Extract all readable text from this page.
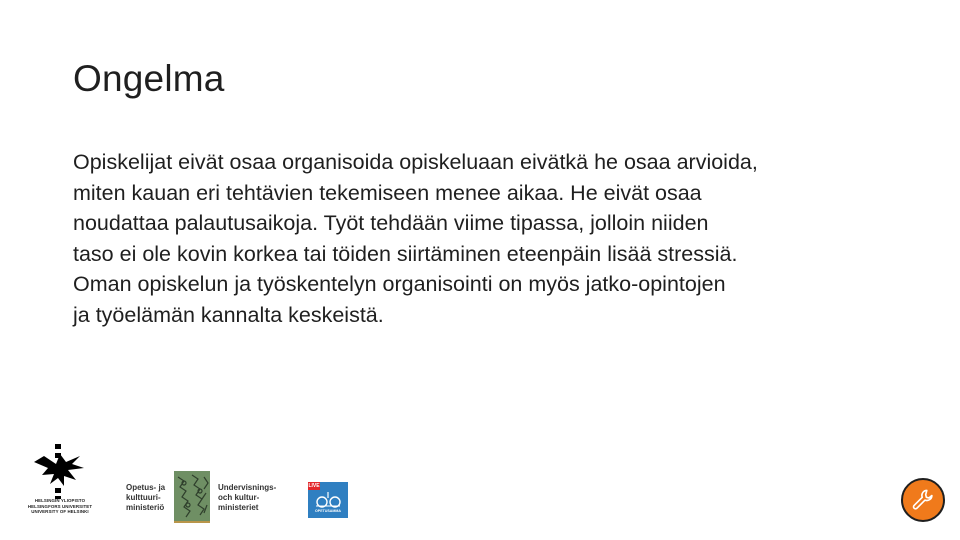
Ongelma

Opiskelijat eivät osaa organisoida opiskeluaan eivätkä he osaa arvioida,
miten kauan eri tehtävien tekemiseen menee aikaa. He eivät osaa
noudattaa palautusaikoja. Työt tehdään viime tipassa, jolloin niiden
taso ei ole kovin korkea tai töiden siirtäminen eteenpäin lisää stressiä.
Oman opiskelun ja työskentelyn organisointi on myös jatko-opintojen
ja työelämän kannalta keskeistä.

HELSINGIN YLIOPISTO
HELSINGFORS UNIVERSITET
UNIVERSITY OF HELSINKI
Opetus- ja
kulttuuri-
ministeriö
Undervisnings-
och kultur-
ministeriet
LIVE
OPETUSAMMA
